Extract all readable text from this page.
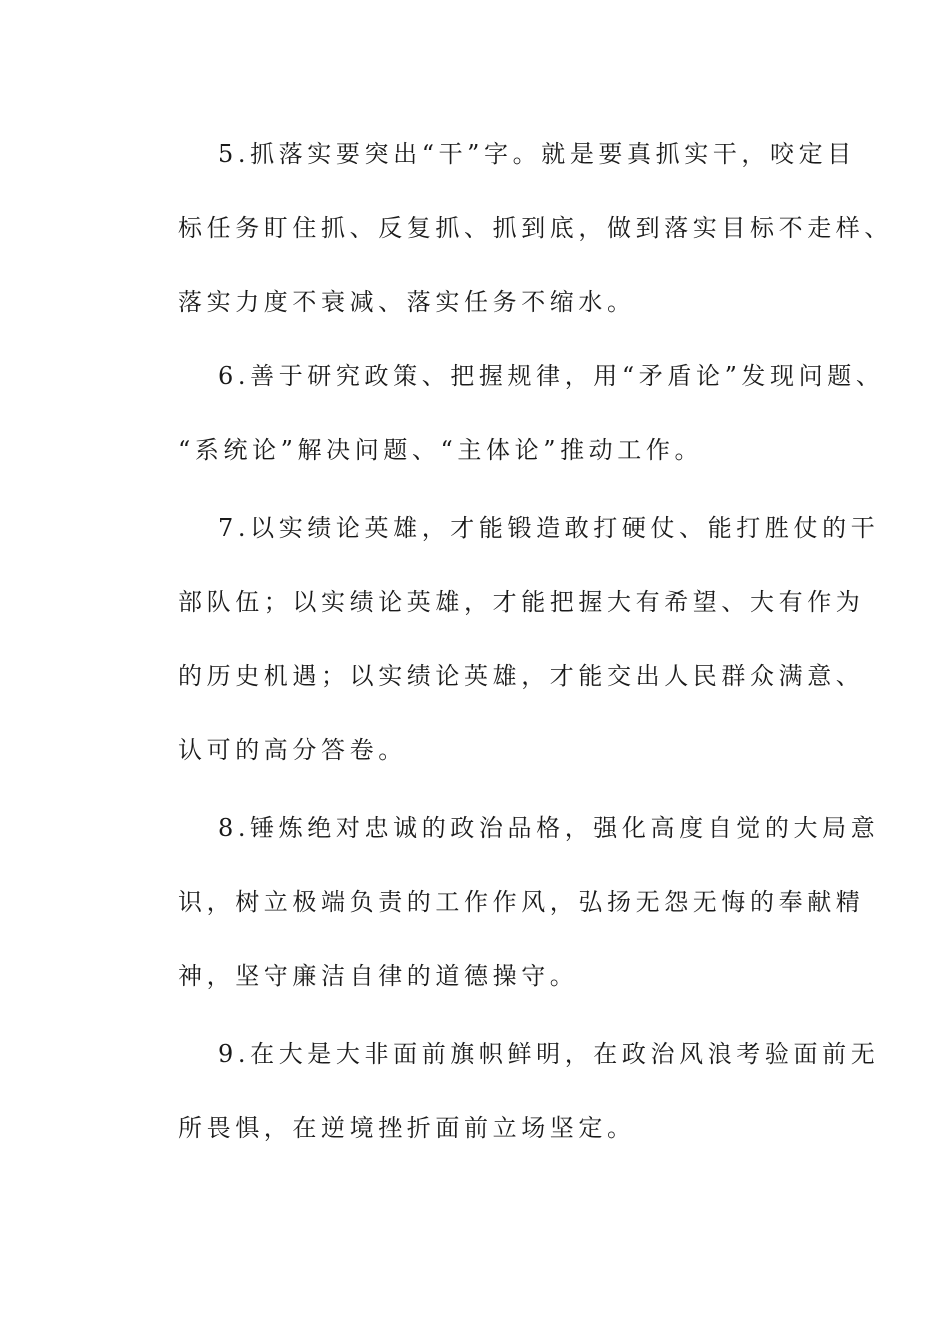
5.抓落实要突出“干”字。就是要真抓实干，咬定目
标任务盯住抓、反复抓、抓到底，做到落实目标不走样、
落实力度不衰减、落实任务不缩水。
6.善于研究政策、把握规律，用“矛盾论”发现问题、
“系统论”解决问题、“主体论”推动工作。
7.以实绩论英雄，才能锻造敢打硬仗、能打胜仗的干
部队伍；以实绩论英雄，才能把握大有希望、大有作为
的历史机遇；以实绩论英雄，才能交出人民群众满意、
认可的高分答卷。
8.锤炼绝对忠诚的政治品格，强化高度自觉的大局意
识，树立极端负责的工作作风，弘扬无怨无悔的奉献精
神，坚守廉洁自律的道德操守。
9.在大是大非面前旗帜鲜明，在政治风浪考验面前无
所畏惧，在逆境挫折面前立场坚定。
